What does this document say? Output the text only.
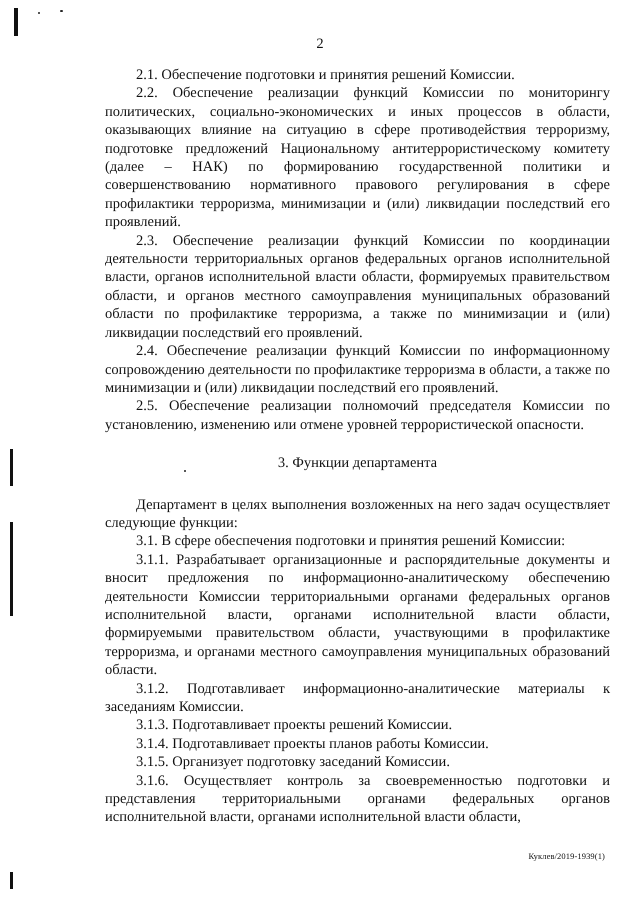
2

2.1. Обеспечение подготовки и принятия решений Комиссии.

2.2. Обеспечение реализации функций Комиссии по мониторингу политических, социально-экономических и иных процессов в области, оказывающих влияние на ситуацию в сфере противодействия терроризму, подготовке предложений Национальному антитеррористическому комитету (далее – НАК) по формированию государственной политики и совершенствованию нормативного правового регулирования в сфере профилактики терроризма, минимизации и (или) ликвидации последствий его проявлений.

2.3. Обеспечение реализации функций Комиссии по координации деятельности территориальных органов федеральных органов исполнительной власти, органов исполнительной власти области, формируемых правительством области, и органов местного самоуправления муниципальных образований области по профилактике терроризма, а также по минимизации и (или) ликвидации последствий его проявлений.

2.4. Обеспечение реализации функций Комиссии по информационному сопровождению деятельности по профилактике терроризма в области, а также по минимизации и (или) ликвидации последствий его проявлений.

2.5. Обеспечение реализации полномочий председателя Комиссии по установлению, изменению или отмене уровней террористической опасности.

3. Функции департамента

Департамент в целях выполнения возложенных на него задач осуществляет следующие функции:

3.1. В сфере обеспечения подготовки и принятия решений Комиссии:

3.1.1. Разрабатывает организационные и распорядительные документы и вносит предложения по информационно-аналитическому обеспечению деятельности Комиссии территориальными органами федеральных органов исполнительной власти, органами исполнительной власти области, формируемыми правительством области, участвующими в профилактике терроризма, и органами местного самоуправления муниципальных образований области.

3.1.2. Подготавливает информационно-аналитические материалы к заседаниям Комиссии.

3.1.3. Подготавливает проекты решений Комиссии.

3.1.4. Подготавливает проекты планов работы Комиссии.

3.1.5. Организует подготовку заседаний Комиссии.

3.1.6. Осуществляет контроль за своевременностью подготовки и представления территориальными органами федеральных органов исполнительной власти, органами исполнительной власти области,

Куклев/2019-1939(1)
